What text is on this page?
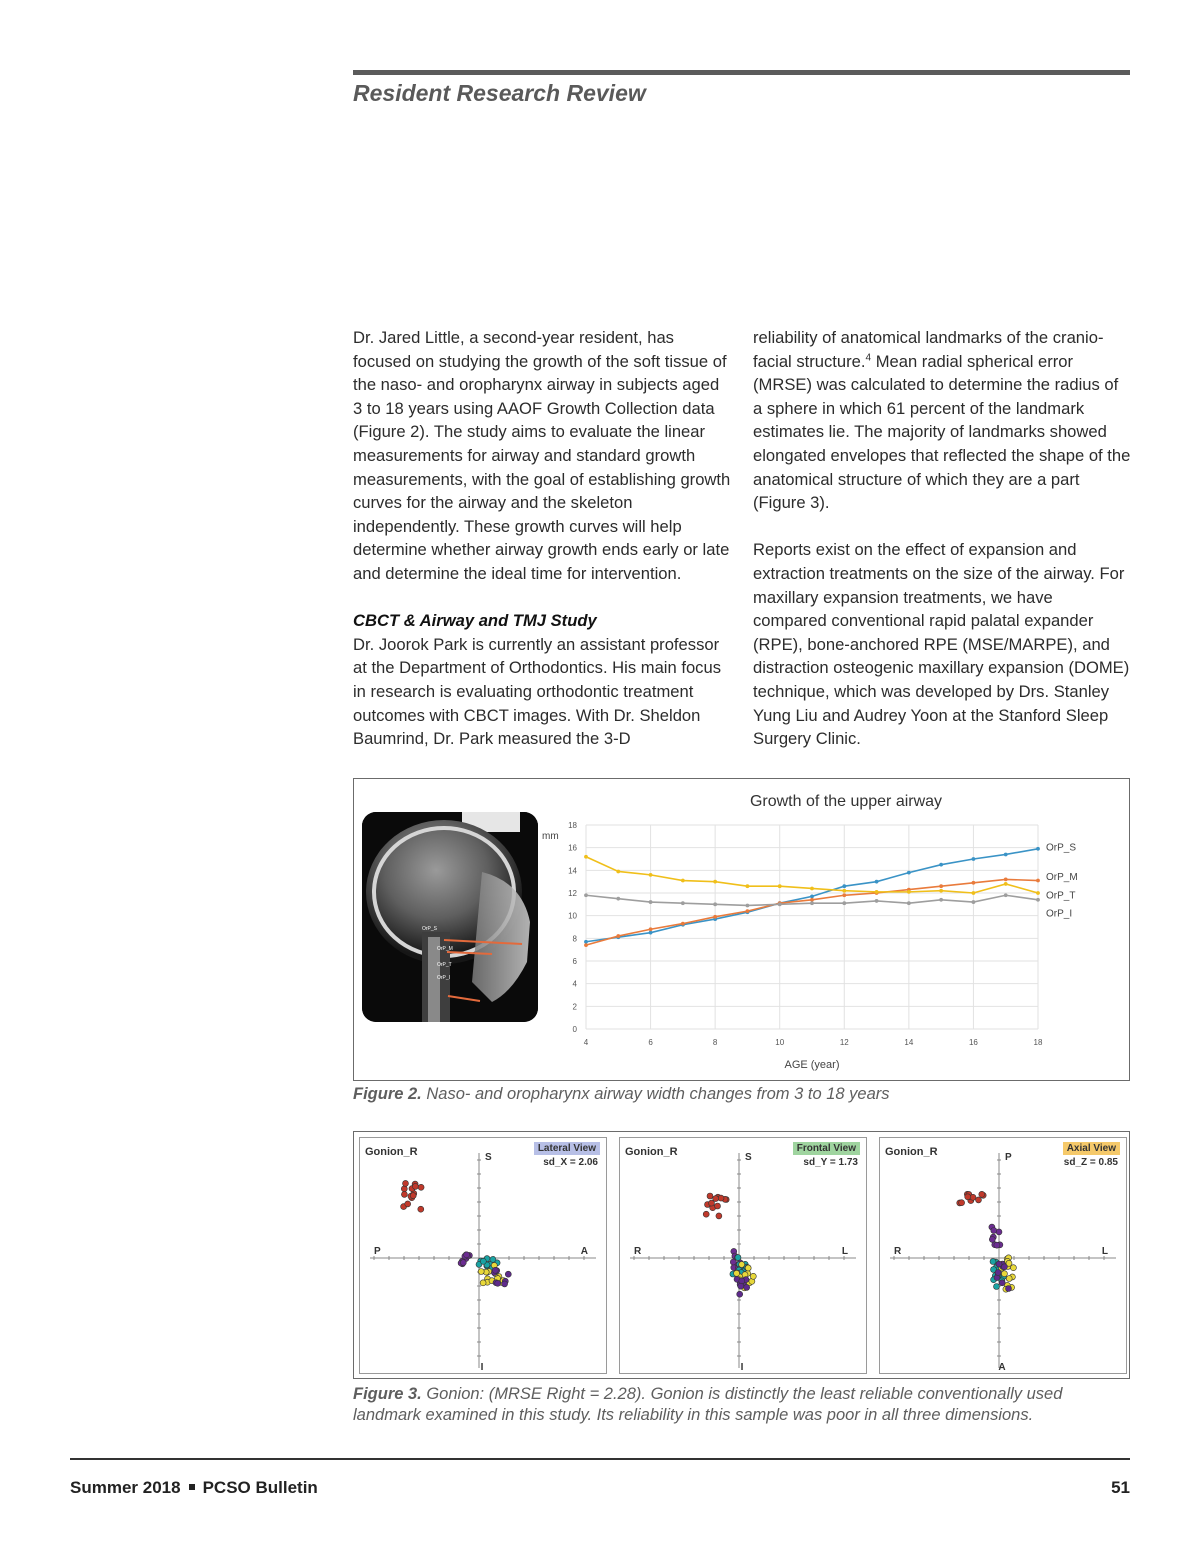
Resident Research Review

Dr. Jared Little, a second-year resident, has focused on studying the growth of the soft tissue of the naso- and oropharynx airway in subjects aged 3 to 18 years using AAOF Growth Collection data (Figure 2). The study aims to evaluate the linear measurements for airway and standard growth measurements, with the goal of establishing growth curves for the airway and the skeleton independently. These growth curves will help determine whether airway growth ends early or late and determine the ideal time for intervention.

CBCT & Airway and TMJ Study

Dr. Joorok Park is currently an assistant professor at the Department of Orthodontics. His main focus in research is evaluating orthodontic treatment outcomes with CBCT images. With Dr. Sheldon Baumrind, Dr. Park measured the 3-D

reliability of anatomical landmarks of the cranio-facial structure.$^4$ Mean radial spherical error (MRSE) was calculated to determine the radius of a sphere in which 61 percent of the landmark estimates lie. The majority of landmarks showed elongated envelopes that reflected the shape of the anatomical structure of which they are a part (Figure 3).

Reports exist on the effect of expansion and extraction treatments on the size of the airway. For maxillary expansion treatments, we have compared conventional rapid palatal expander (RPE), bone-anchored RPE (MSE/MARPE), and distraction osteogenic maxillary expansion (DOME) technique, which was developed by Drs. Stanley Yung Liu and Audrey Yoon at the Stanford Sleep Surgery Clinic.

OrP_S
OrP_M
OrP_T
OrP_I
0
2
4
6
8
10
12
14
16
18
4	6	8	10	12	14	16	18
Growth of the upper airway
mm
AGE (year)
OrP_S
OrP_M
OrP_T
OrP_I
Figure 2. Naso- and oropharynx airway width changes from 3 to 18 years
S
I
P	A
Gonion_R	Lateral View
sd_X = 2.06	S
I
R	L
Gonion_R	Frontal View
sd_Y = 1.73	P
A
R	L
Gonion_R	Axial View
sd_Z = 0.85
Figure 3. Gonion: (MRSE Right = 2.28). Gonion is distinctly the least reliable conventionally used landmark examined in this study. Its reliability in this sample was poor in all three dimensions.
Summer 2018 PCSO Bulletin	51
